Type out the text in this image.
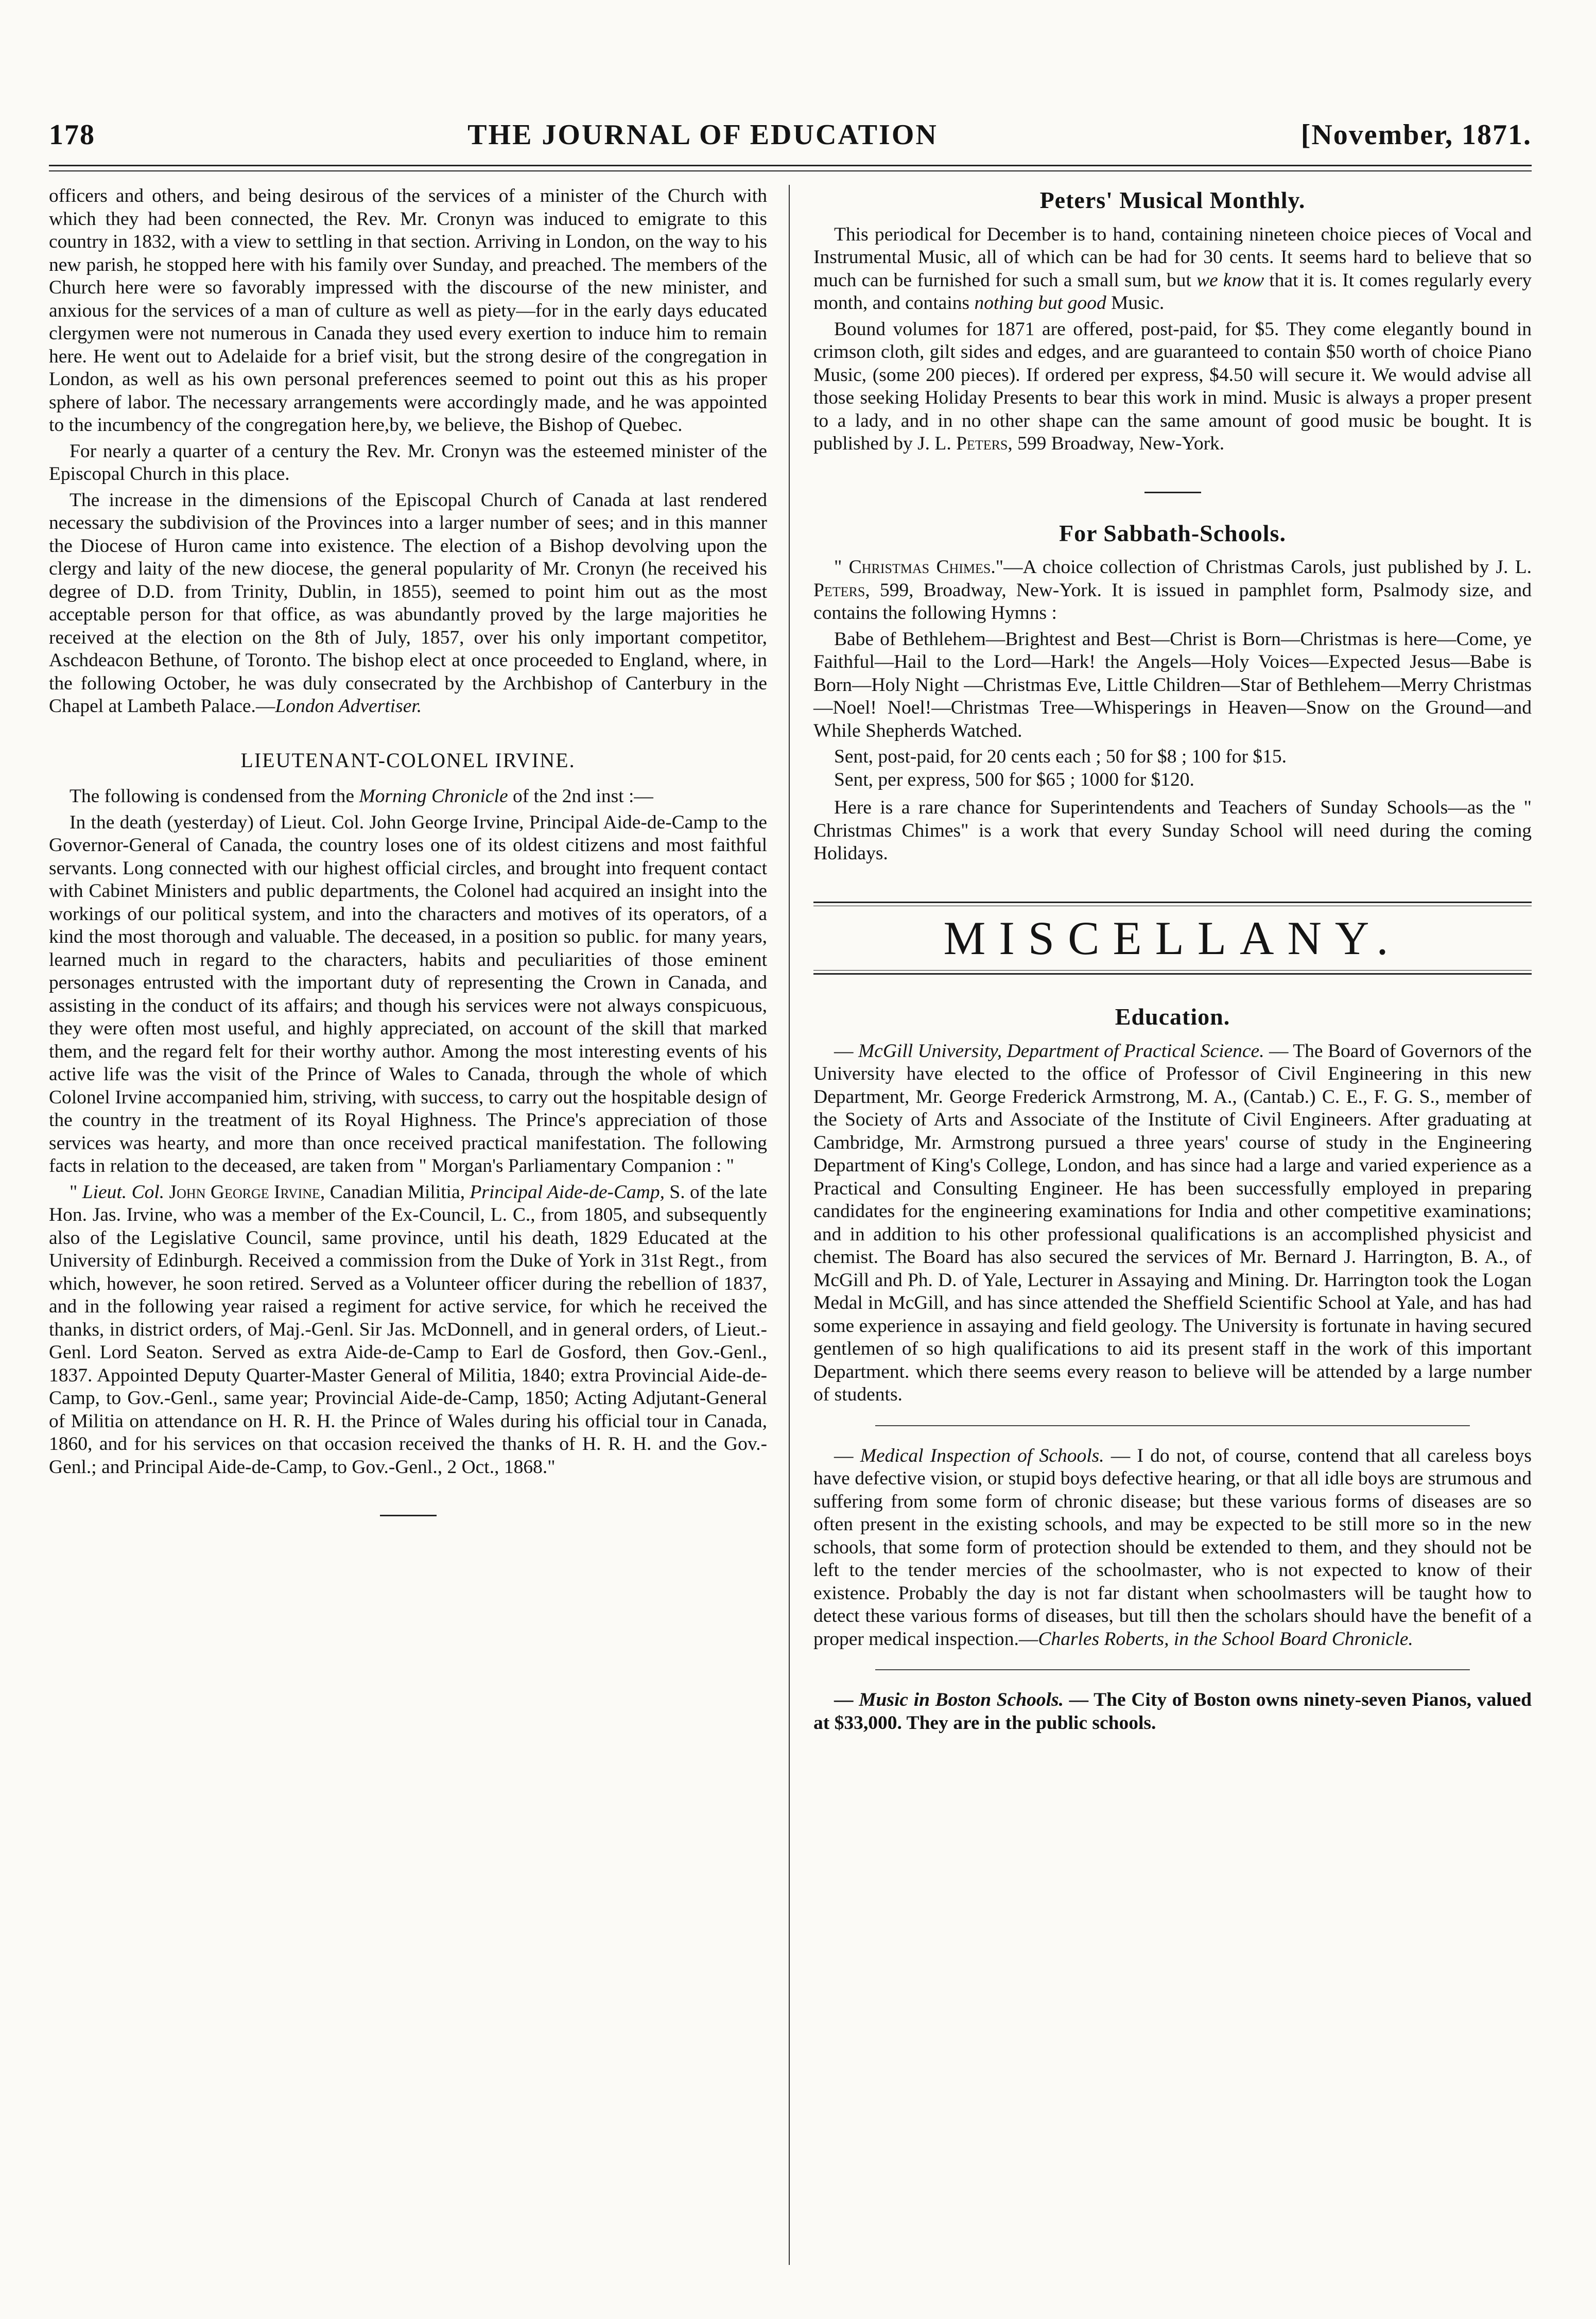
178	THE JOURNAL OF EDUCATION	[November, 1871.

officers and others, and being desirous of the services of a minister of the Church with which they had been connected, the Rev. Mr. Cronyn was induced to emigrate to this country in 1832, with a view to settling in that section. Arriving in London, on the way to his new parish, he stopped here with his family over Sunday, and preached. The members of the Church here were so favorably impressed with the discourse of the new minister, and anxious for the services of a man of culture as well as piety—for in the early days educated clergymen were not numerous in Canada they used every exertion to induce him to remain here. He went out to Adelaide for a brief visit, but the strong desire of the congregation in London, as well as his own personal preferences seemed to point out this as his proper sphere of labor. The necessary arrangements were accordingly made, and he was appointed to the incumbency of the congregation here,by, we believe, the Bishop of Quebec.

For nearly a quarter of a century the Rev. Mr. Cronyn was the esteemed minister of the Episcopal Church in this place.

The increase in the dimensions of the Episcopal Church of Canada at last rendered necessary the subdivision of the Provinces into a larger number of sees; and in this manner the Diocese of Huron came into existence. The election of a Bishop devolving upon the clergy and laity of the new diocese, the general popularity of Mr. Cronyn (he received his degree of D.D. from Trinity, Dublin, in 1855), seemed to point him out as the most acceptable person for that office, as was abundantly proved by the large majorities he received at the election on the 8th of July, 1857, over his only important competitor, Aschdeacon Bethune, of Toronto. The bishop elect at once proceeded to England, where, in the following October, he was duly consecrated by the Archbishop of Canterbury in the Chapel at Lambeth Palace.—London Advertiser.

LIEUTENANT-COLONEL IRVINE.

The following is condensed from the Morning Chronicle of the 2nd inst :—

In the death (yesterday) of Lieut. Col. John George Irvine, Principal Aide-de-Camp to the Governor-General of Canada, the country loses one of its oldest citizens and most faithful servants. Long connected with our highest official circles, and brought into frequent contact with Cabinet Ministers and public departments, the Colonel had acquired an insight into the workings of our political system, and into the characters and motives of its operators, of a kind the most thorough and valuable. The deceased, in a position so public. for many years, learned much in regard to the characters, habits and peculiarities of those eminent personages entrusted with the important duty of representing the Crown in Canada, and assisting in the conduct of its affairs; and though his services were not always conspicuous, they were often most useful, and highly appreciated, on account of the skill that marked them, and the regard felt for their worthy author. Among the most interesting events of his active life was the visit of the Prince of Wales to Canada, through the whole of which Colonel Irvine accompanied him, striving, with success, to carry out the hospitable design of the country in the treatment of its Royal Highness. The Prince's appreciation of those services was hearty, and more than once received practical manifestation. The following facts in relation to the deceased, are taken from " Morgan's Parliamentary Companion : "

" Lieut. Col. John George Irvine, Canadian Militia, Principal Aide-de-Camp, S. of the late Hon. Jas. Irvine, who was a member of the Ex-Council, L. C., from 1805, and subsequently also of the Legislative Council, same province, until his death, 1829 Educated at the University of Edinburgh. Received a commission from the Duke of York in 31st Regt., from which, however, he soon retired. Served as a Volunteer officer during the rebellion of 1837, and in the following year raised a regiment for active service, for which he received the thanks, in district orders, of Maj.-Genl. Sir Jas. McDonnell, and in general orders, of Lieut.-Genl. Lord Seaton. Served as extra Aide-de-Camp to Earl de Gosford, then Gov.-Genl., 1837. Appointed Deputy Quarter-Master General of Militia, 1840; extra Provincial Aide-de-Camp, to Gov.-Genl., same year; Provincial Aide-de-Camp, 1850; Acting Adjutant-General of Militia on attendance on H. R. H. the Prince of Wales during his official tour in Canada, 1860, and for his services on that occasion received the thanks of H. R. H. and the Gov.-Genl.; and Principal Aide-de-Camp, to Gov.-Genl., 2 Oct., 1868."

Peters' Musical Monthly.

This periodical for December is to hand, containing nineteen choice pieces of Vocal and Instrumental Music, all of which can be had for 30 cents. It seems hard to believe that so much can be furnished for such a small sum, but we know that it is. It comes regularly every month, and contains nothing but good Music.

Bound volumes for 1871 are offered, post-paid, for $5. They come elegantly bound in crimson cloth, gilt sides and edges, and are guaranteed to contain $50 worth of choice Piano Music, (some 200 pieces). If ordered per express, $4.50 will secure it. We would advise all those seeking Holiday Presents to bear this work in mind. Music is always a proper present to a lady, and in no other shape can the same amount of good music be bought. It is published by J. L. Peters, 599 Broadway, New-York.

For Sabbath-Schools.

" Christmas Chimes."—A choice collection of Christmas Carols, just published by J. L. Peters, 599, Broadway, New-York. It is issued in pamphlet form, Psalmody size, and contains the following Hymns :

Babe of Bethlehem—Brightest and Best—Christ is Born—Christmas is here—Come, ye Faithful—Hail to the Lord—Hark! the Angels—Holy Voices—Expected Jesus—Babe is Born—Holy Night —Christmas Eve, Little Children—Star of Bethlehem—Merry Christmas—Noel! Noel!—Christmas Tree—Whisperings in Heaven—Snow on the Ground—and While Shepherds Watched.

Sent, post-paid, for 20 cents each ; 50 for $8 ; 100 for $15.

Sent, per express, 500 for $65 ; 1000 for $120.

Here is a rare chance for Superintendents and Teachers of Sunday Schools—as the " Christmas Chimes" is a work that every Sunday School will need during the coming Holidays.

MISCELLANY.
Education.

— McGill University, Department of Practical Science. — The Board of Governors of the University have elected to the office of Professor of Civil Engineering in this new Department, Mr. George Frederick Armstrong, M. A., (Cantab.) C. E., F. G. S., member of the Society of Arts and Associate of the Institute of Civil Engineers. After graduating at Cambridge, Mr. Armstrong pursued a three years' course of study in the Engineering Department of King's College, London, and has since had a large and varied experience as a Practical and Consulting Engineer. He has been successfully employed in preparing candidates for the engineering examinations for India and other competitive examinations; and in addition to his other professional qualifications is an accomplished physicist and chemist. The Board has also secured the services of Mr. Bernard J. Harrington, B. A., of McGill and Ph. D. of Yale, Lecturer in Assaying and Mining. Dr. Harrington took the Logan Medal in McGill, and has since attended the Sheffield Scientific School at Yale, and has had some experience in assaying and field geology. The University is fortunate in having secured gentlemen of so high qualifications to aid its present staff in the work of this important Department. which there seems every reason to believe will be attended by a large number of students.

— Medical Inspection of Schools. — I do not, of course, contend that all careless boys have defective vision, or stupid boys defective hearing, or that all idle boys are strumous and suffering from some form of chronic disease; but these various forms of diseases are so often present in the existing schools, and may be expected to be still more so in the new schools, that some form of protection should be extended to them, and they should not be left to the tender mercies of the schoolmaster, who is not expected to know of their existence. Probably the day is not far distant when schoolmasters will be taught how to detect these various forms of diseases, but till then the scholars should have the benefit of a proper medical inspection.—Charles Roberts, in the School Board Chronicle.

— Music in Boston Schools. — The City of Boston owns ninety-seven Pianos, valued at $33,000. They are in the public schools.
